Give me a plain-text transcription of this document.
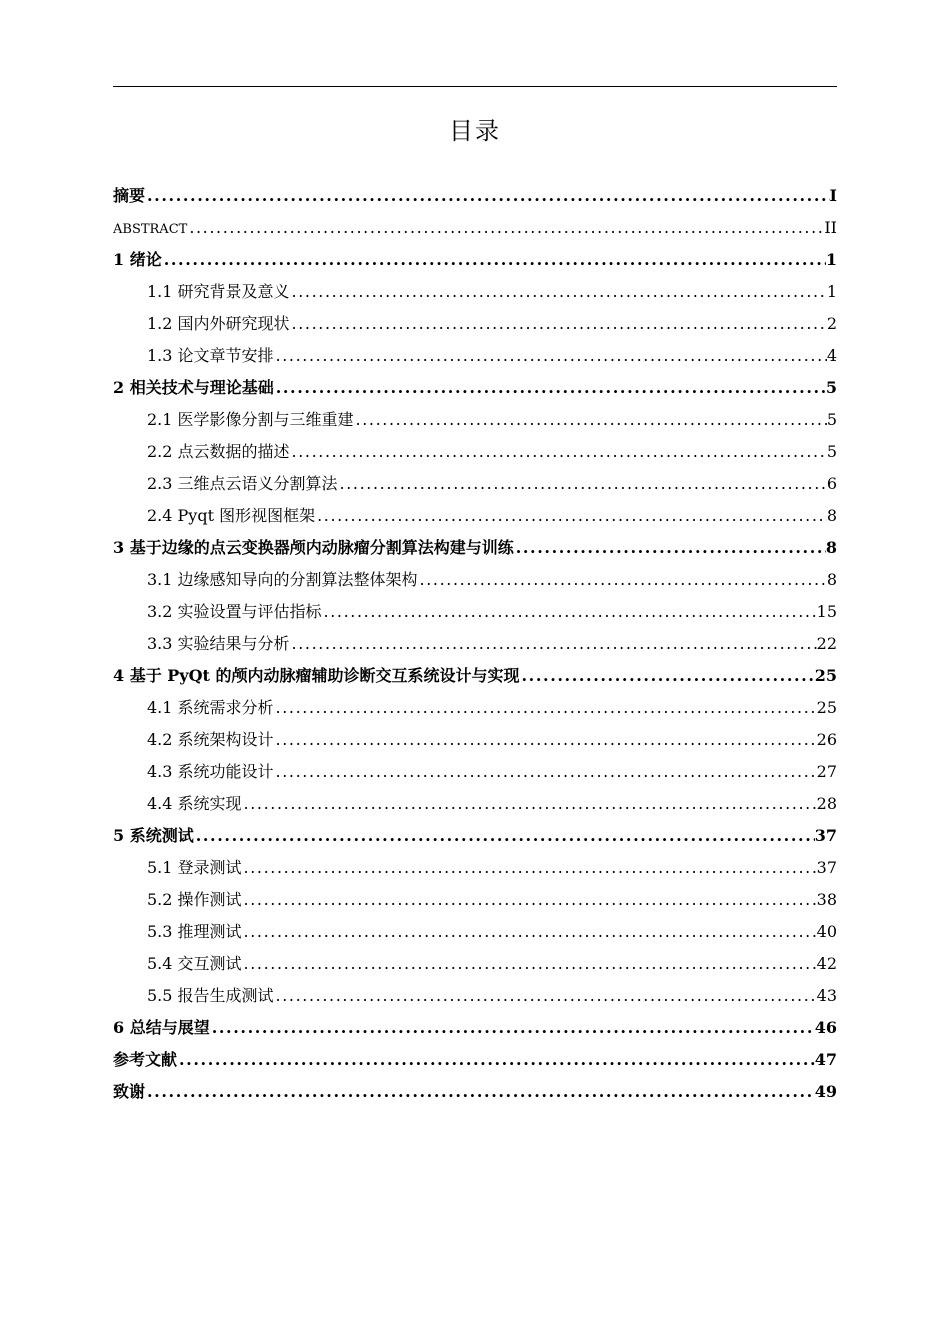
目录
摘要 .....	I
ABSTRACT .....	II
1 绪论 .....	1
1.1 研究背景及意义 .....	1
1.2 国内外研究现状 .....	2
1.3 论文章节安排 .....	4
2 相关技术与理论基础 .....	5
2.1 医学影像分割与三维重建 .....	5
2.2 点云数据的描述 .....	5
2.3 三维点云语义分割算法 .....	6
2.4 Pyqt 图形视图框架 .....	8
3 基于边缘的点云变换器颅内动脉瘤分割算法构建与训练 .....	8
3.1 边缘感知导向的分割算法整体架构 .....	8
3.2 实验设置与评估指标 .....	15
3.3 实验结果与分析 .....	22
4 基于 PyQt 的颅内动脉瘤辅助诊断交互系统设计与实现 .....	25
4.1 系统需求分析 .....	25
4.2 系统架构设计 .....	26
4.3 系统功能设计 .....	27
4.4 系统实现 .....	28
5 系统测试 .....	37
5.1 登录测试 .....	37
5.2 操作测试 .....	38
5.3 推理测试 .....	40
5.4 交互测试 .....	42
5.5 报告生成测试 .....	43
6 总结与展望 .....	46
参考文献 .....	47
致谢 .....	49
